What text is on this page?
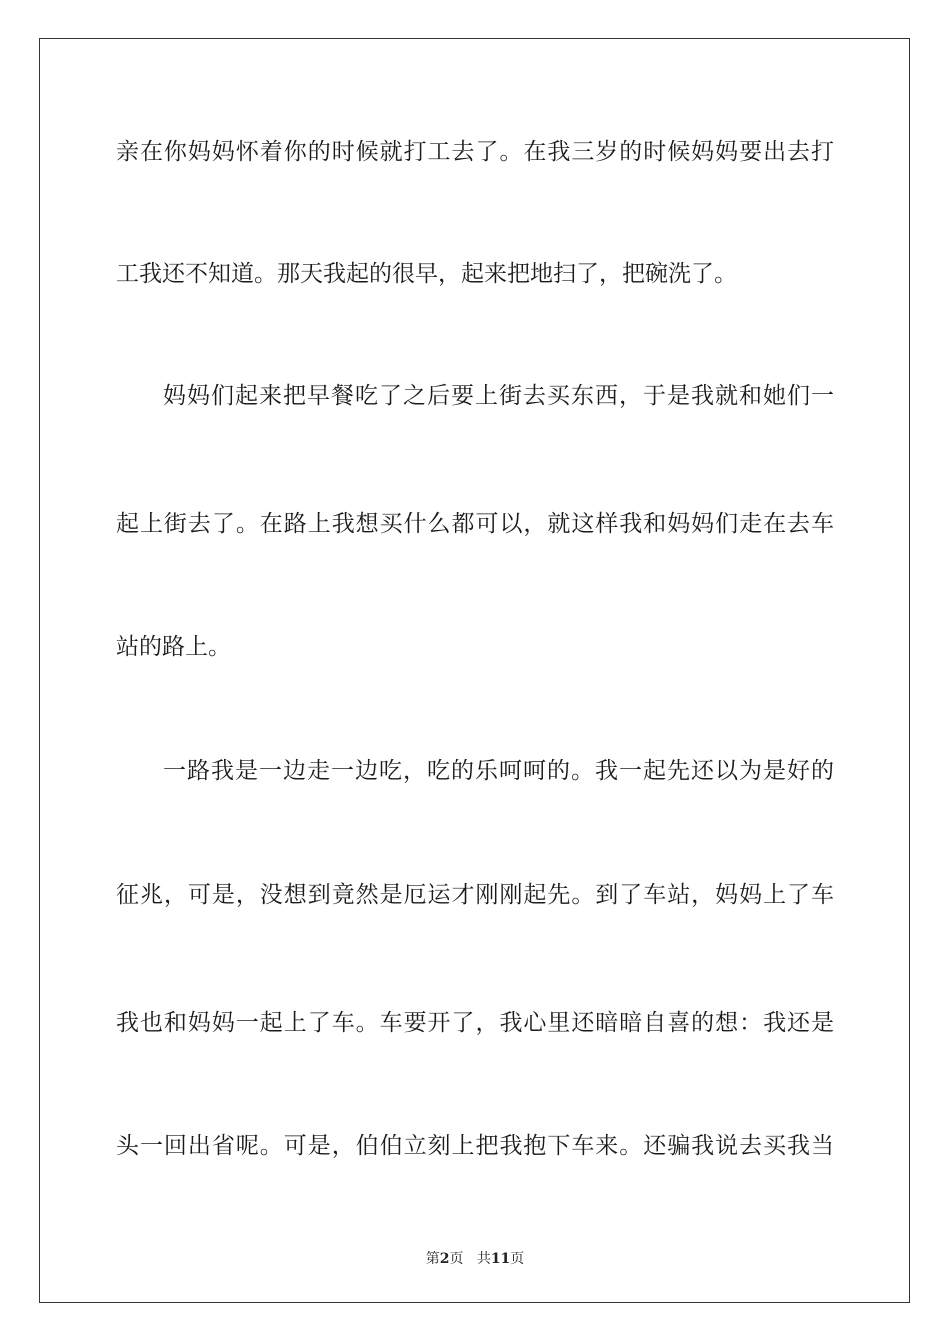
亲在你妈妈怀着你的时候就打工去了。在我三岁的时候妈妈要出去打
工我还不知道。那天我起的很早，起来把地扫了，把碗洗了。
妈妈们起来把早餐吃了之后要上街去买东西，于是我就和她们一
起上街去了。在路上我想买什么都可以，就这样我和妈妈们走在去车
站的路上。
一路我是一边走一边吃，吃的乐呵呵的。我一起先还以为是好的
征兆，可是，没想到竟然是厄运才刚刚起先。到了车站，妈妈上了车
我也和妈妈一起上了车。车要开了，我心里还暗暗自喜的想：我还是
头一回出省呢。可是，伯伯立刻上把我抱下车来。还骗我说去买我当
第2页 共11页
